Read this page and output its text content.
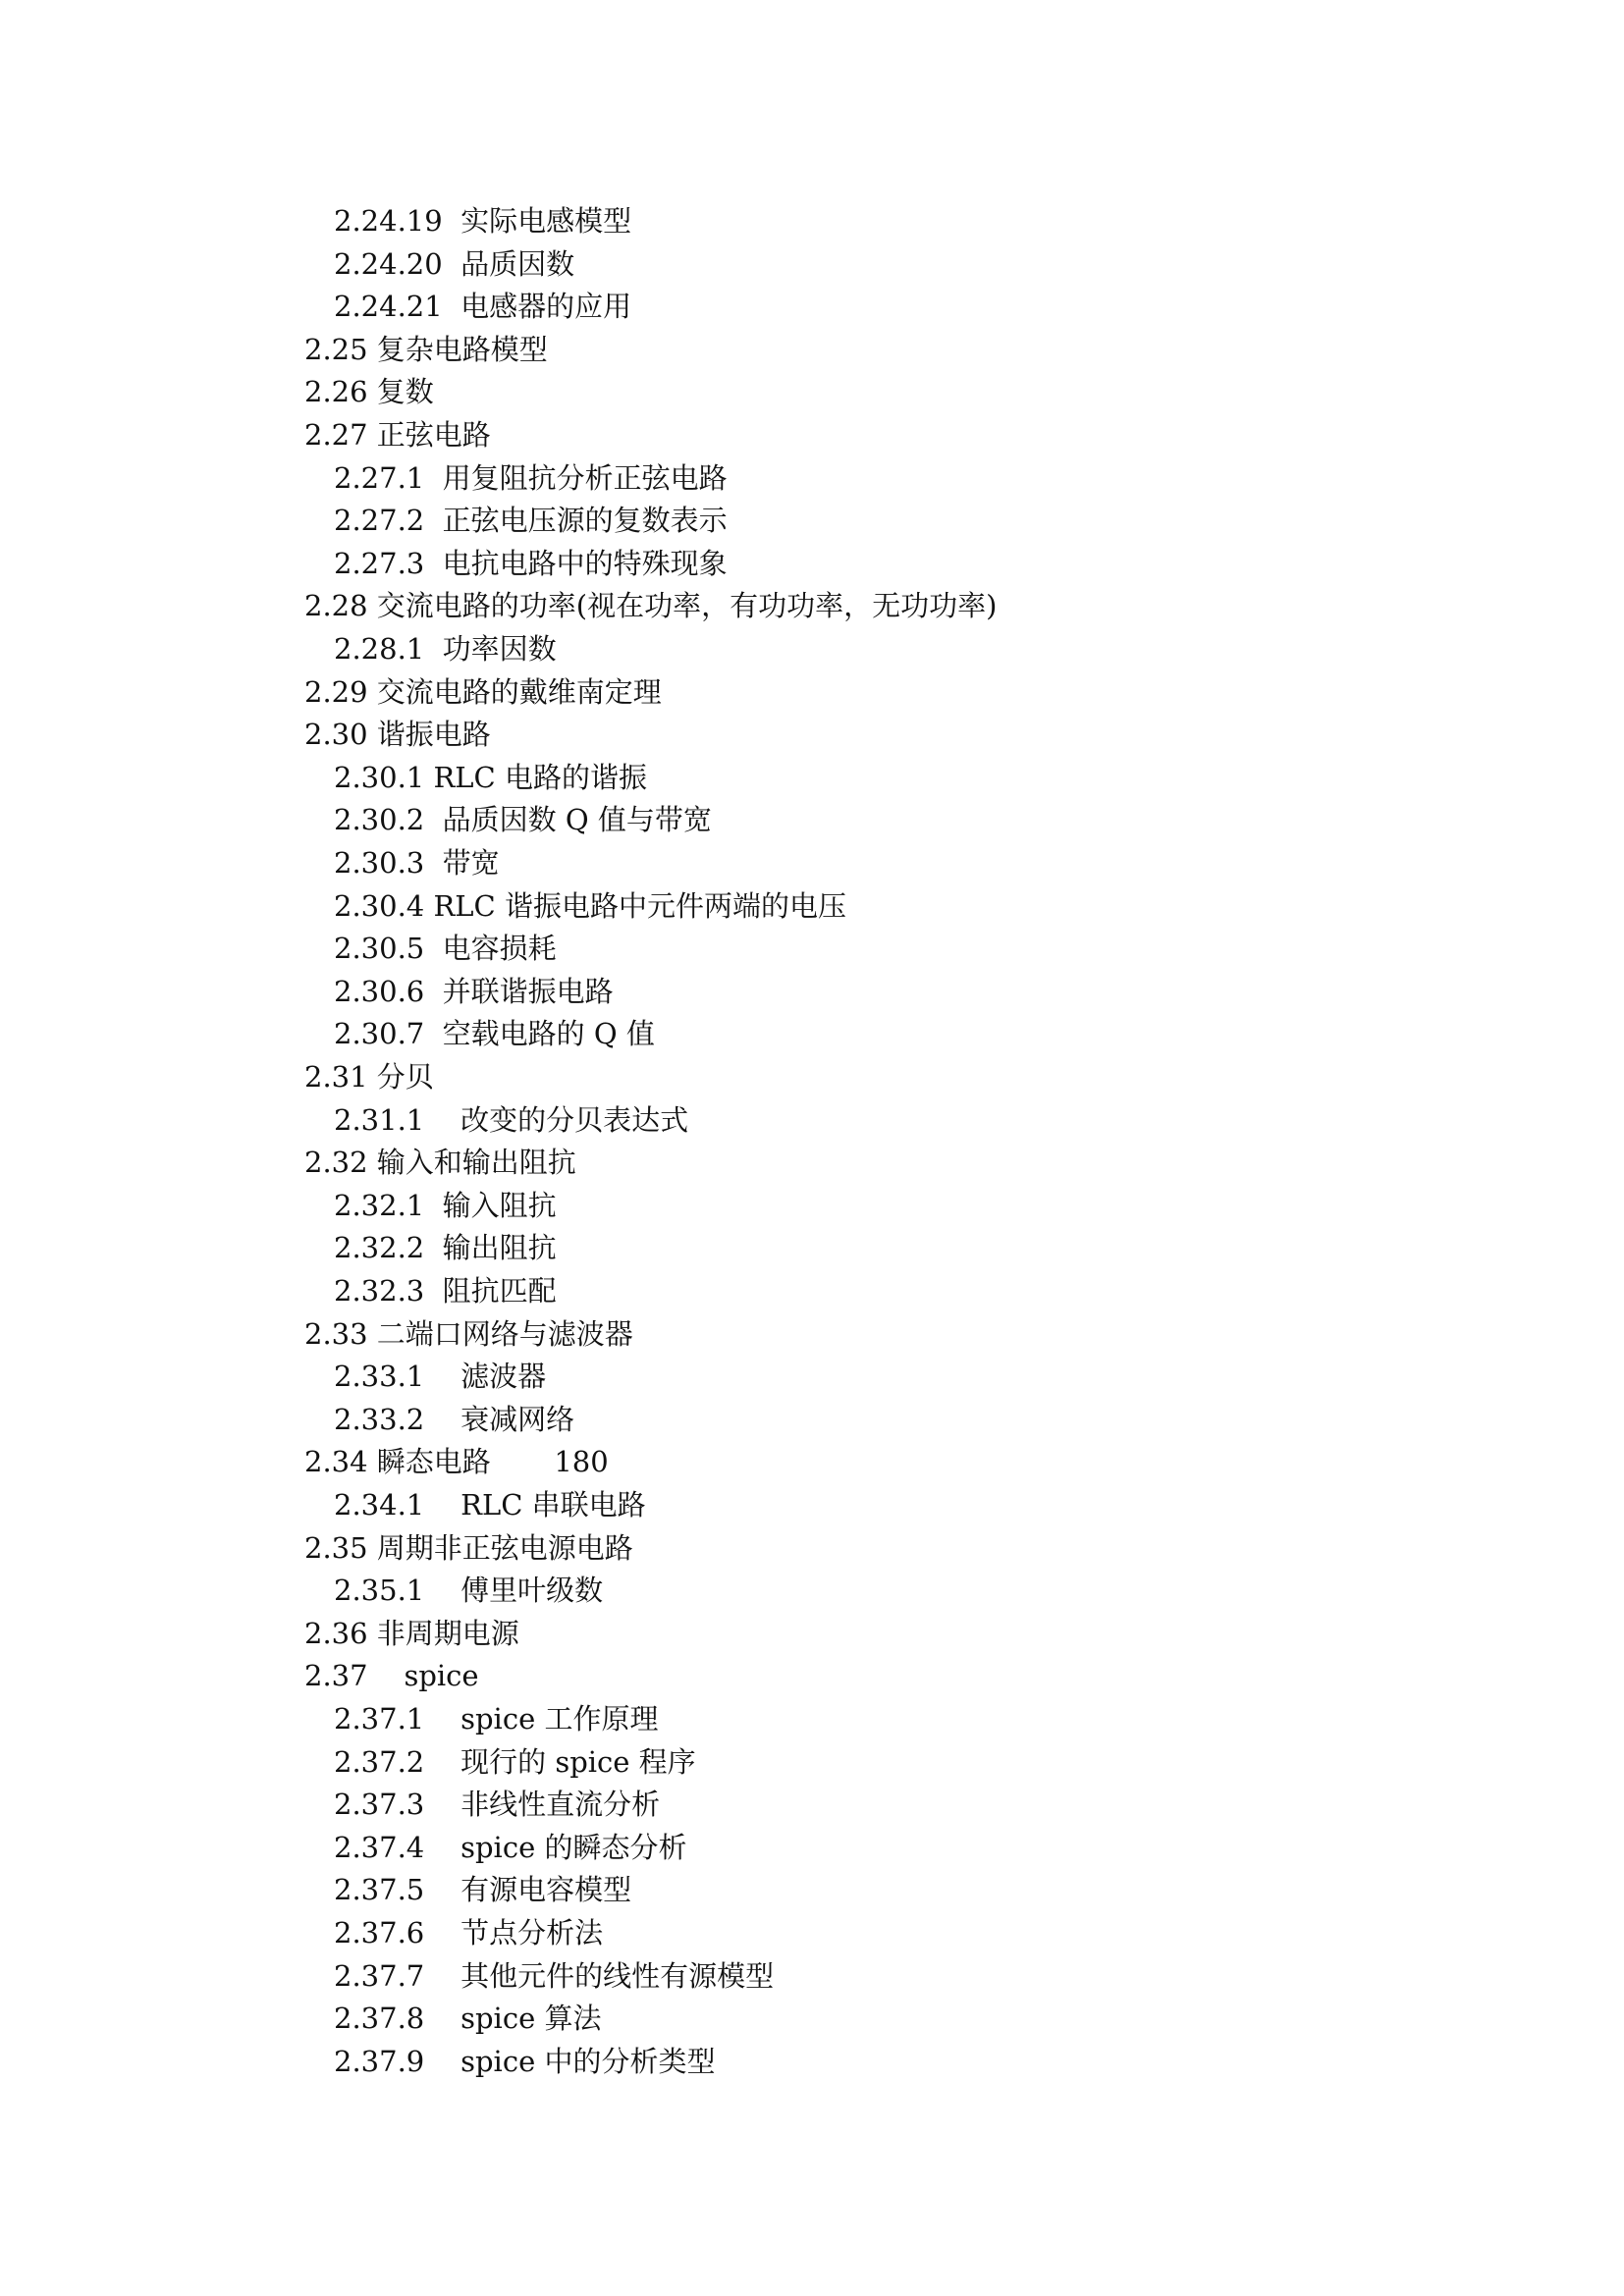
2.24.19  实际电感模型
2.24.20  品质因数
2.24.21  电感器的应用
2.25 复杂电路模型
2.26 复数
2.27 正弦电路
2.27.1  用复阻抗分析正弦电路
2.27.2  正弦电压源的复数表示
2.27.3  电抗电路中的特殊现象
2.28 交流电路的功率(视在功率，有功功率，无功功率)
2.28.1  功率因数
2.29 交流电路的戴维南定理
2.30 谐振电路
2.30.1 RLC 电路的谐振
2.30.2  品质因数 Q 值与带宽
2.30.3  带宽
2.30.4 RLC 谐振电路中元件两端的电压
2.30.5  电容损耗
2.30.6  并联谐振电路
2.30.7  空载电路的 Q 值
2.31 分贝
2.31.1    改变的分贝表达式
2.32 输入和输出阻抗
2.32.1  输入阻抗
2.32.2  输出阻抗
2.32.3  阻抗匹配
2.33 二端口网络与滤波器
2.33.1    滤波器
2.33.2    衰减网络
2.34 瞬态电路       180
2.34.1    RLC 串联电路
2.35 周期非正弦电源电路
2.35.1    傅里叶级数
2.36 非周期电源
2.37    spice
2.37.1    spice 工作原理
2.37.2    现行的 spice 程序
2.37.3    非线性直流分析
2.37.4    spice 的瞬态分析
2.37.5    有源电容模型
2.37.6    节点分析法
2.37.7    其他元件的线性有源模型
2.37.8    spice 算法
2.37.9    spice 中的分析类型
